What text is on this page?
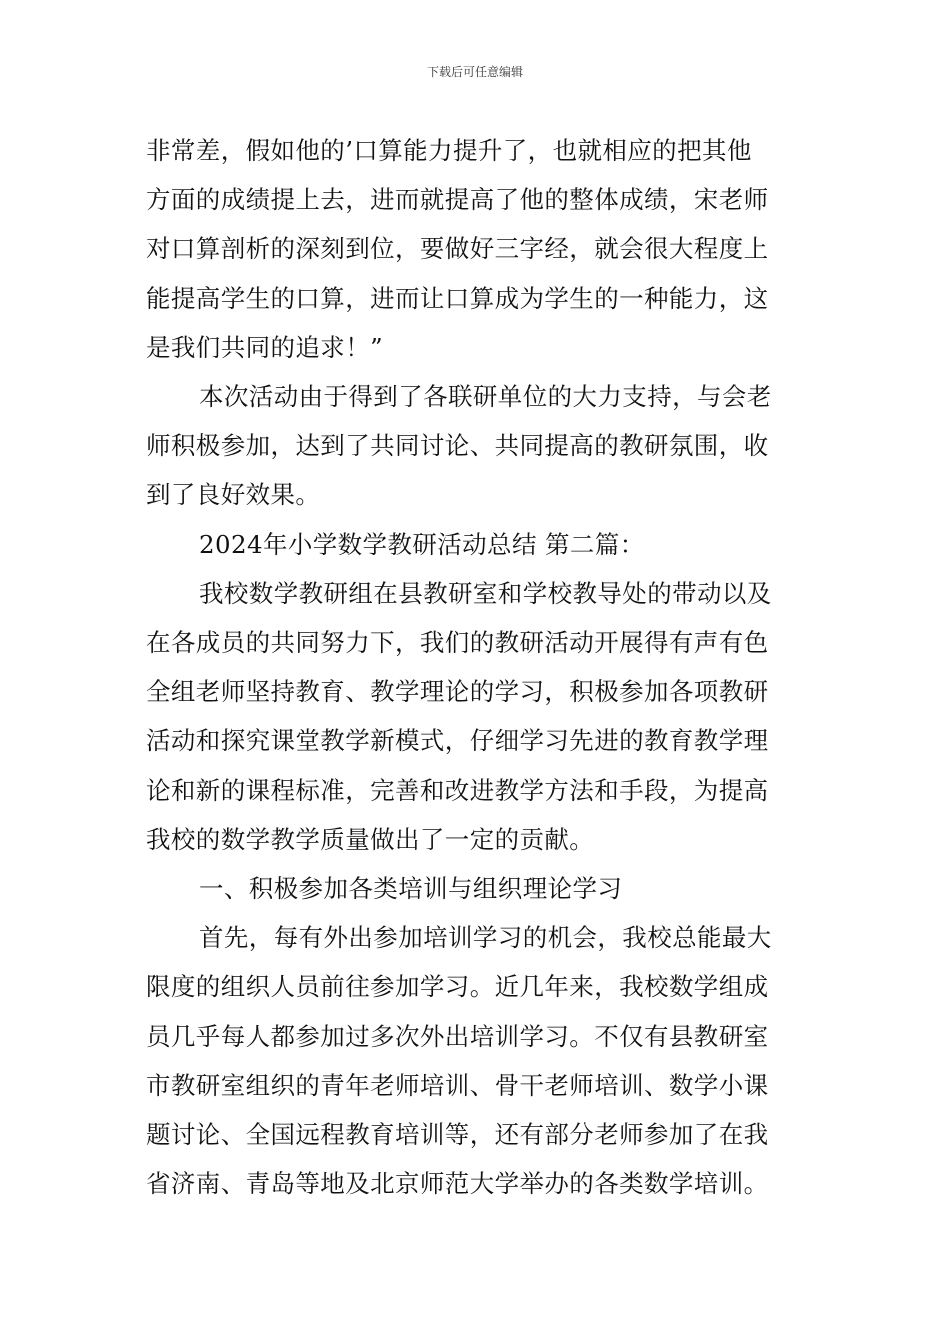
下载后可任意编辑
非常差，假如他的’口算能力提升了，也就相应的把其他
方面的成绩提上去，进而就提高了他的整体成绩，宋老师
对口算剖析的深刻到位，要做好三字经，就会很大程度上
能提高学生的口算，进而让口算成为学生的一种能力，这
是我们共同的追求！”
本次活动由于得到了各联研单位的大力支持，与会老
师积极参加，达到了共同讨论、共同提高的教研氛围，收
到了良好效果。
2024年小学数学教研活动总结 第二篇：
我校数学教研组在县教研室和学校教导处的带动以及
在各成员的共同努力下，我们的教研活动开展得有声有色
全组老师坚持教育、教学理论的学习，积极参加各项教研
活动和探究课堂教学新模式，仔细学习先进的教育教学理
论和新的课程标准，完善和改进教学方法和手段，为提高
我校的数学教学质量做出了一定的贡献。
一、积极参加各类培训与组织理论学习
首先，每有外出参加培训学习的机会，我校总能最大
限度的组织人员前往参加学习。近几年来，我校数学组成
员几乎每人都参加过多次外出培训学习。不仅有县教研室
市教研室组织的青年老师培训、骨干老师培训、数学小课
题讨论、全国远程教育培训等，还有部分老师参加了在我
省济南、青岛等地及北京师范大学举办的各类数学培训。
